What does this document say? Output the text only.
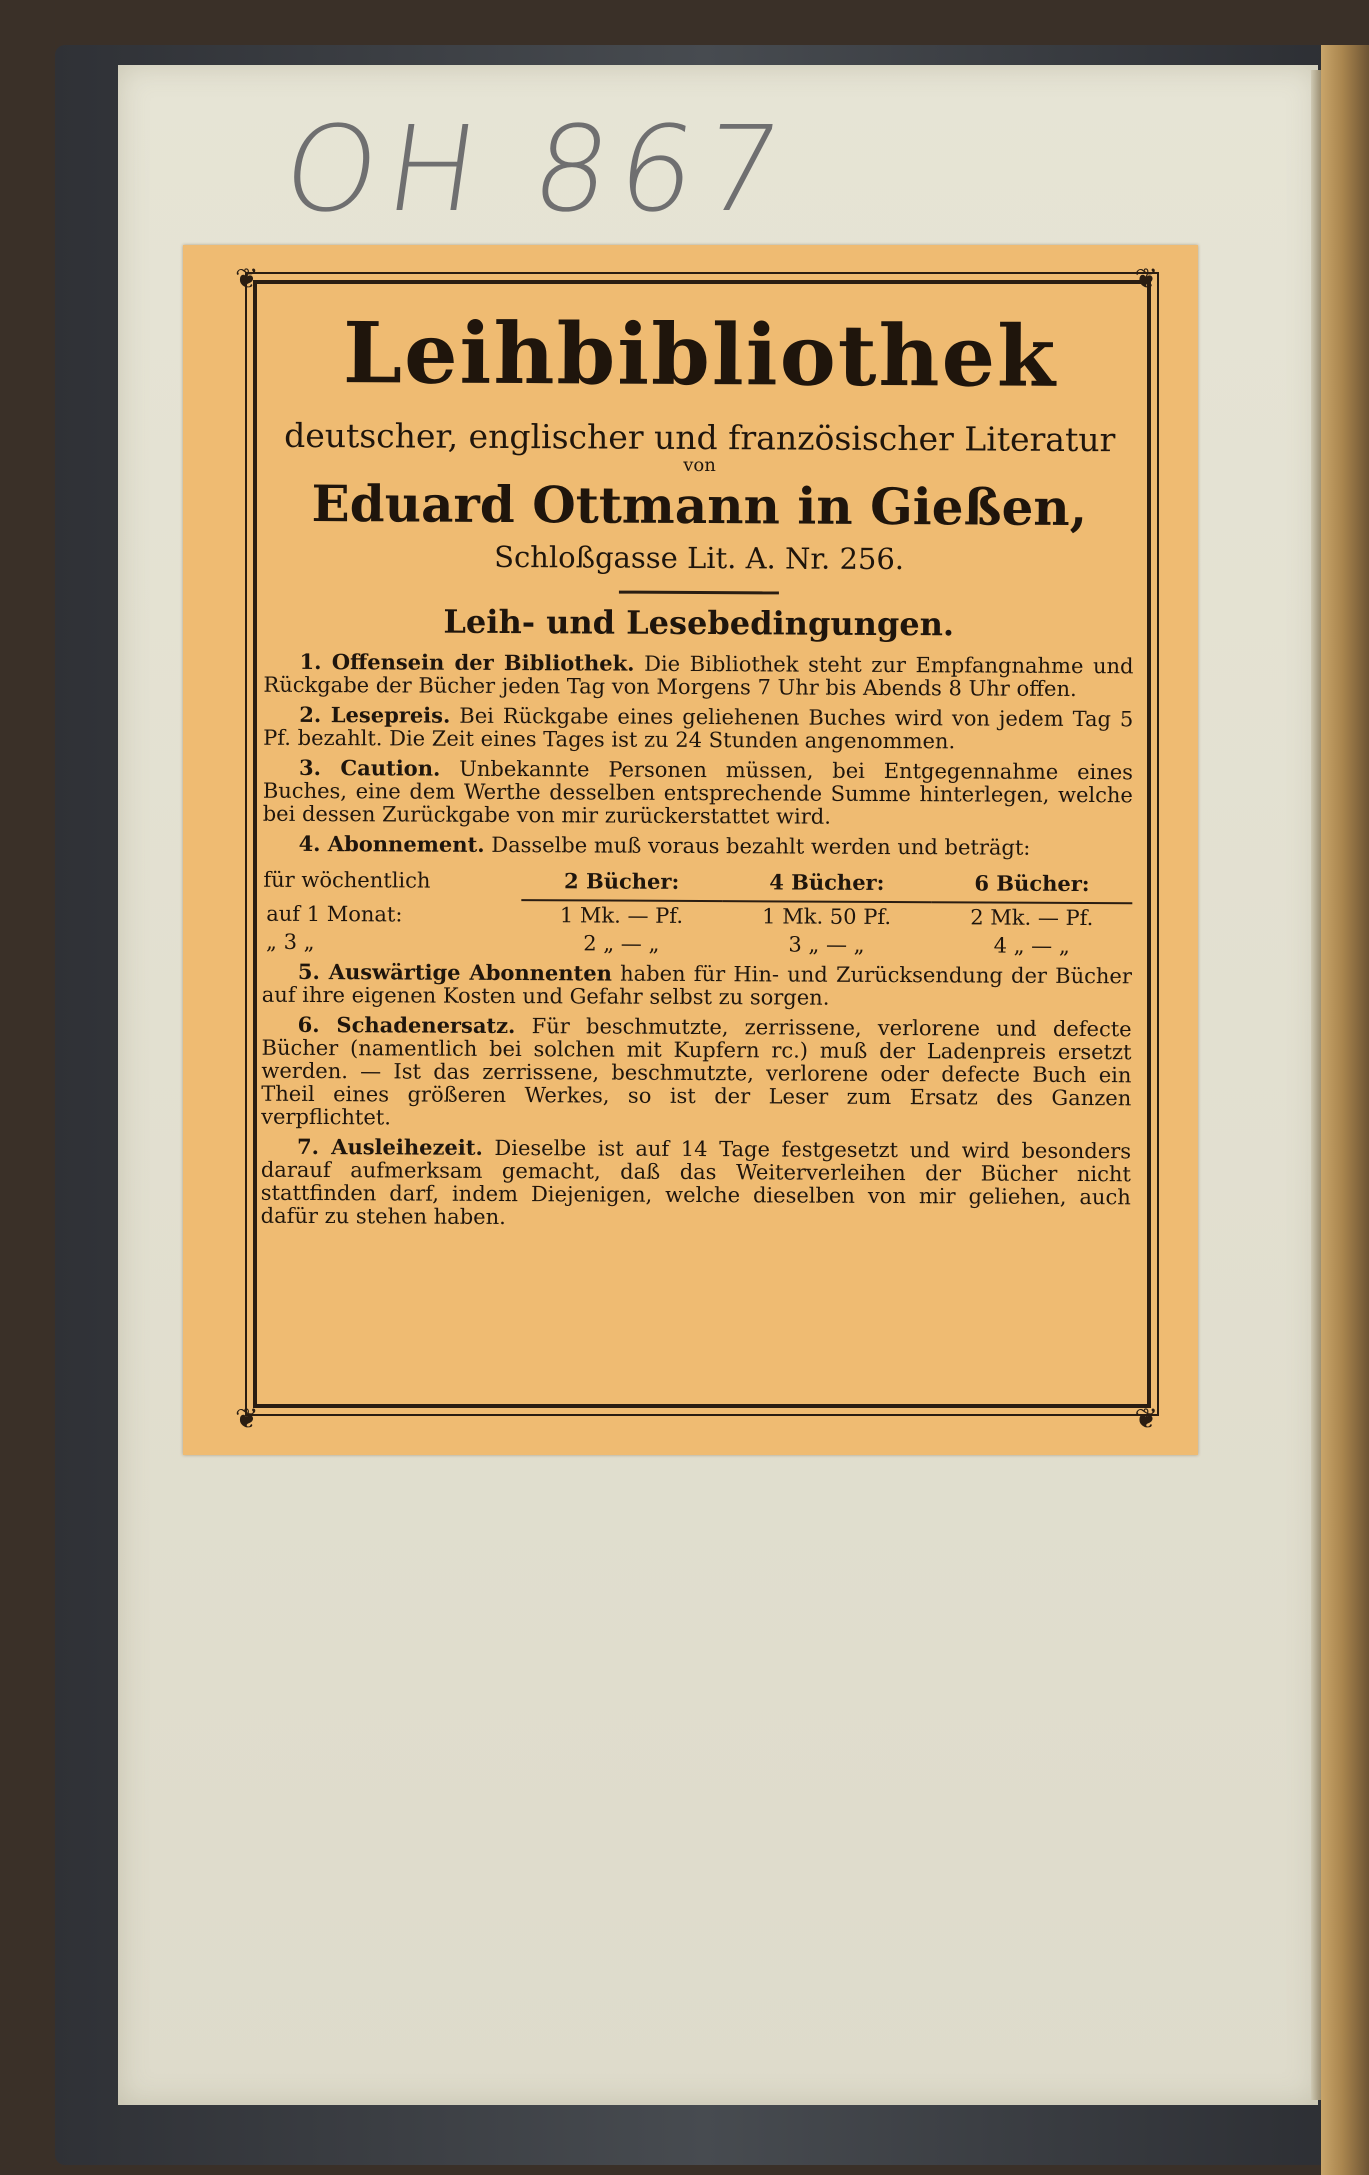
OH 867
❦	❦
❦	❦
Leihbibliothek
deutscher, englischer und französischer Literatur
von
Eduard Ottmann in Gießen,
Schloßgasse Lit. A. Nr. 256.
Leih- und Lesebedingungen.
1. Offensein der Bibliothek. Die Bibliothek steht zur Empfangnahme und Rückgabe der Bücher jeden Tag von Morgens 7 Uhr bis Abends 8 Uhr offen.
2. Lesepreis. Bei Rückgabe eines geliehenen Buches wird von jedem Tag 5 Pf. bezahlt. Die Zeit eines Tages ist zu 24 Stunden angenommen.
3. Caution. Unbekannte Personen müssen, bei Entgegennahme eines Buches, eine dem Werthe desselben entsprechende Summe hinterlegen, welche bei dessen Zurückgabe von mir zurückerstattet wird.
4. Abonnement. Dasselbe muß voraus bezahlt werden und beträgt:
für wöchentlich	2 Bücher:	4 Bücher:	6 Bücher:
auf 1 Monat:	1 Mk. — Pf.	1 Mk. 50 Pf.	2 Mk. — Pf.
„ 3 „	2 „ — „	3 „ — „	4 „ — „
5. Auswärtige Abonnenten haben für Hin- und Zurücksendung der Bücher auf ihre eigenen Kosten und Gefahr selbst zu sorgen.
6. Schadenersatz. Für beschmutzte, zerrissene, verlorene und defecte Bücher (namentlich bei solchen mit Kupfern rc.) muß der Ladenpreis ersetzt werden. — Ist das zerrissene, beschmutzte, verlorene oder defecte Buch ein Theil eines größeren Werkes, so ist der Leser zum Ersatz des Ganzen verpflichtet.
7. Ausleihezeit. Dieselbe ist auf 14 Tage festgesetzt und wird besonders darauf aufmerksam gemacht, daß das Weiterverleihen der Bücher nicht stattfinden darf, indem Diejenigen, welche dieselben von mir geliehen, auch dafür zu stehen haben.
